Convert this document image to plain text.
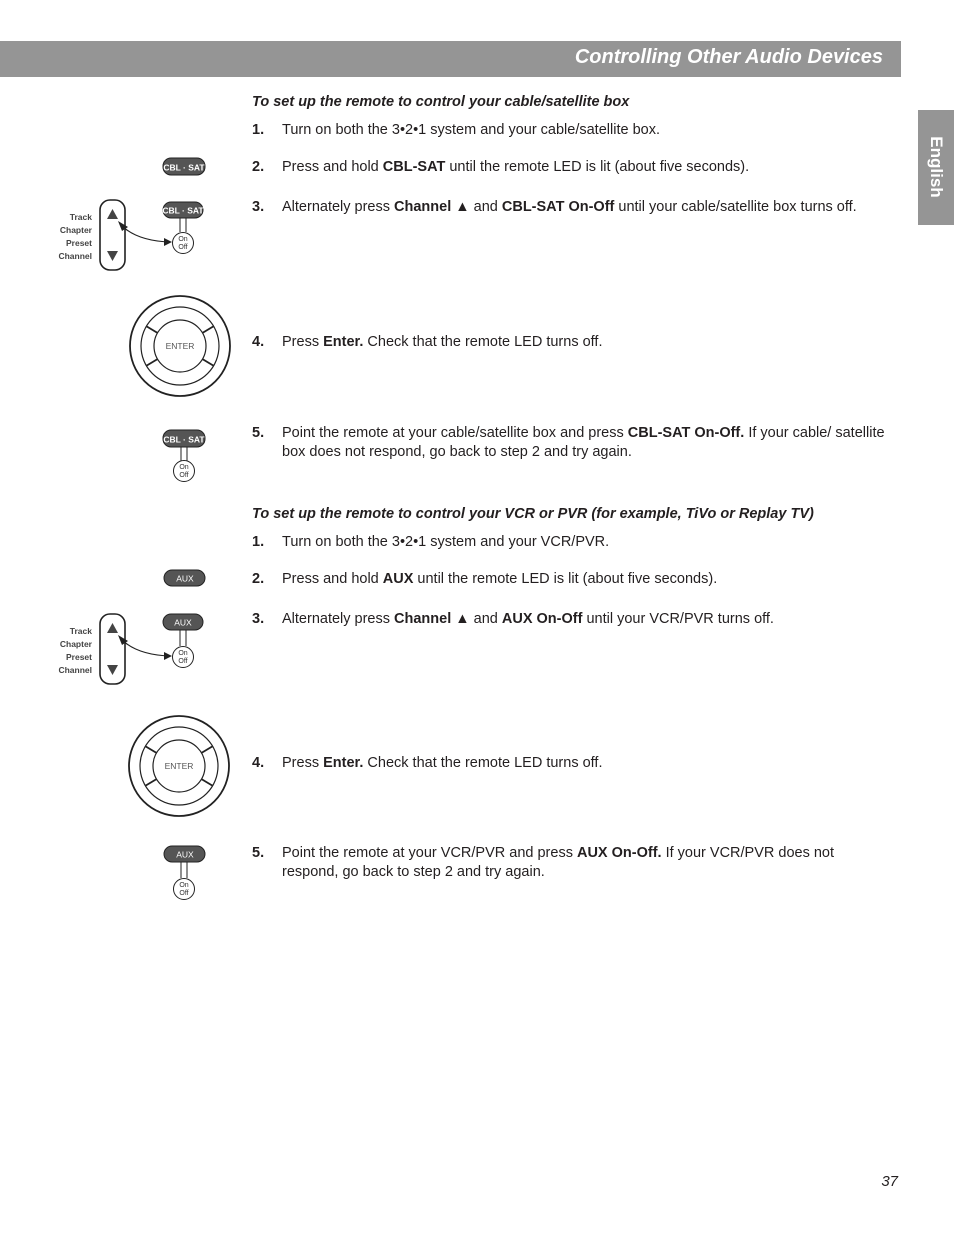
Controlling Other Audio Devices
English
To set up the remote to control your cable/satellite box
1. Turn on both the 3•2•1 system and your cable/satellite box.
2. Press and hold CBL-SAT until the remote LED is lit (about five seconds).
3. Alternately press Channel ▲ and CBL-SAT On-Off until your cable/satellite box turns off.
4. Press Enter. Check that the remote LED turns off.
5. Point the remote at your cable/satellite box and press CBL-SAT On-Off. If your cable/ satellite box does not respond, go back to step 2 and try again.
CBL · SAT
Track
Chapter
Preset
Channel
CBL · SAT
On
Off
ENTER
CBL · SAT
On
Off
To set up the remote to control your VCR or PVR (for example, TiVo or Replay TV)
1. Turn on both the 3•2•1 system and your VCR/PVR.
2. Press and hold AUX until the remote LED is lit (about five seconds).
3. Alternately press Channel ▲ and AUX On-Off until your VCR/PVR turns off.
4. Press Enter. Check that the remote LED turns off.
5. Point the remote at your VCR/PVR and press AUX On-Off. If your VCR/PVR does not respond, go back to step 2 and try again.
AUX
Track
Chapter
Preset
Channel
AUX
On
Off
ENTER
AUX
On
Off
37
